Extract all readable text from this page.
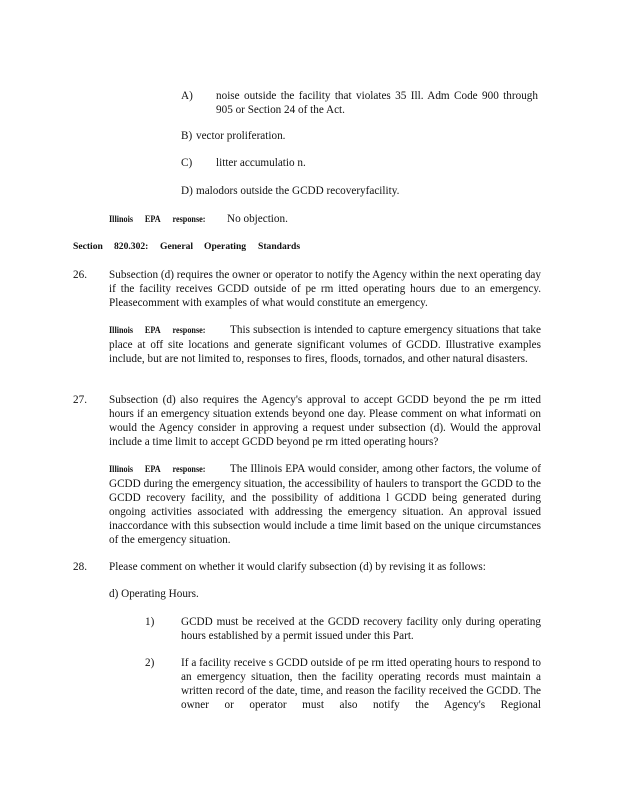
A) noise outside the facility that violates 35 Ill. Adm Code 900 through 905 or Section 24 of the Act.
B) vector proliferation.
C) litter accumulatio n.
D) malodors outside the GCDD recoveryfacility.
Illinois EPA response:	No objection.
Section 820.302: General Operating Standards
26. Subsection (d) requires the owner or operator to notify the Agency within the next operating day if the facility receives GCDD outside of pe rm itted operating hours due to an emergency. Pleasecomment with examples of what would constitute an emergency.
Illinois EPA response: This subsection is intended to capture emergency situations that take place at off site locations and generate significant volumes of GCDD. Illustrative examples include, but are not limited to, responses to fires, floods, tornados, and other natural disasters.
27. Subsection (d) also requires the Agency's approval to accept GCDD beyond the pe rm itted hours if an emergency situation extends beyond one day. Please comment on what informati on would the Agency consider in approving a request under subsection (d). Would the approval include a time limit to accept GCDD beyond pe rm itted operating hours?
Illinois EPA response: The Illinois EPA would consider, among other factors, the volume of GCDD during the emergency situation, the accessibility of haulers to transport the GCDD to the GCDD recovery facility, and the possibility of additiona l GCDD being generated during ongoing activities associated with addressing the emergency situation. An approval issued inaccordance with this subsection would include a time limit based on the unique circumstances of the emergency situation.
28. Please comment on whether it would clarify subsection (d) by revising it as follows:
d) Operating Hours.
1) GCDD must be received at the GCDD recovery facility only during operating hours established by a permit issued under this Part.
2) If a facility receive s GCDD outside of pe rm itted operating hours to respond to an emergency situation, then the facility operating records must maintain a written record of the date, time, and reason the facility received the GCDD. The owner or operator must also notify the Agency's Regional
